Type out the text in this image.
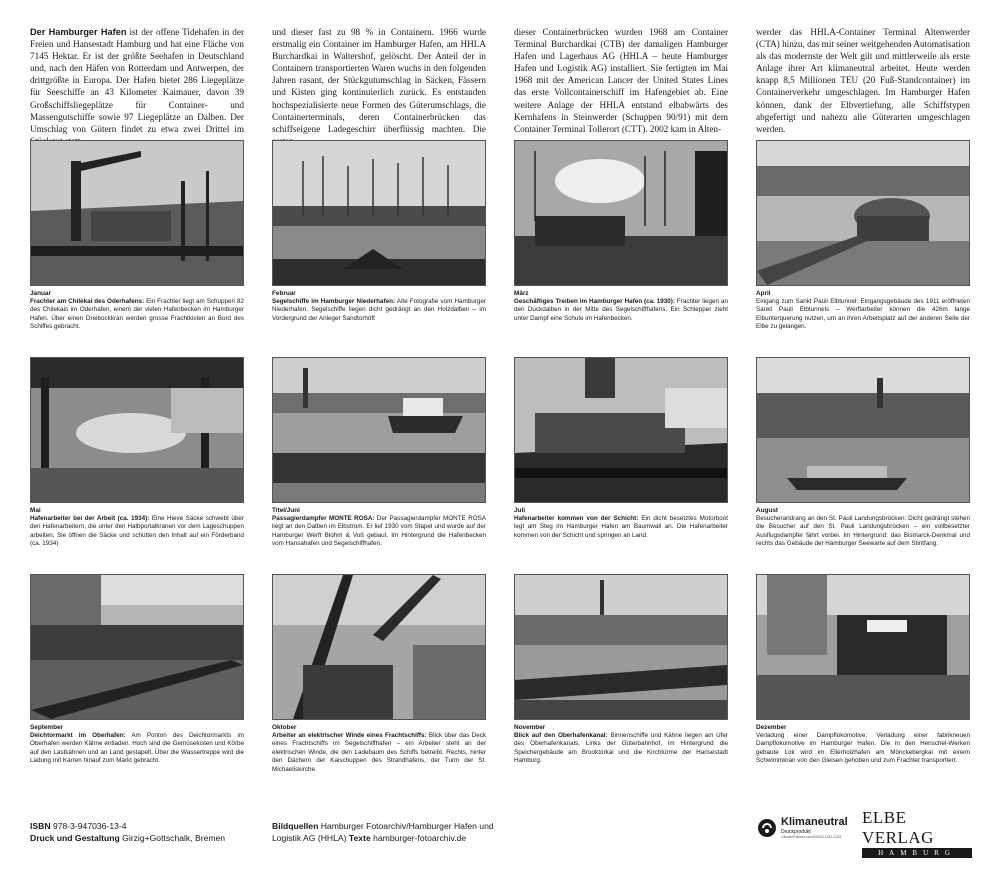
Der Hamburger Hafen ist der offene Tidehafen in der Freien und Hansestadt Hamburg und hat eine Fläche von 7145 Hektar. Er ist der größte Seehafen in Deutschland und, nach den Häfen von Rotterdam und Antwerpen, der drittgrößte in Europa. Der Hafen bietet 286 Liegeplätze für Seeschiffe an 43 Kilometer Kaimauer, davon 39 Großschiffsliegeplätze für Container- und Massengutschiffe sowie 97 Liegeplätze an Dalben. Der Umschlag von Gütern findet zu etwa zwei Drittel im
und dieser fast zu 98 % in Containern. 1966 wurde erstmalig ein Container im Hamburger Hafen, am HHLA Burchardkai in Waltershof, gelöscht. Der Anteil der in Containern transportierten Waren wuchs in den folgenden Jahren rasant, der Stückgutumschlag in Säcken, Fässern und Kisten ging kontinuierlich zurück. Es entstanden hochspezialisierte neue Formen des Güterumschlags, die Containerterminals, deren Containerbrücken das schiffseigene Ladegeschirr überflüssig machten. Die
dieser Containerbrücken wurden 1968 am Container Terminal Burchardkai (CTB) der damaligen Hamburger Hafen und Lagerhaus AG (HHLA – heute Hamburger Hafen und Logistik AG) installiert. Sie fertigten im Mai 1968 mit der American Lancer der United States Lines das erste Vollcontainerschiff im Hafengebiet ab. Eine weitere Anlage der HHLA entstand elbabwärts des Kernhafens in Steinwerder (Schuppen 90/91) mit dem Container Terminal Tollerort (CTT). 2002 kam in Alten-
werder das HHLA-Container Terminal Altenwerder (CTA) hinzu, das mit seiner weitgehenden Automatisation als das modernste der Welt gilt und mittlerweile als erste Anlage ihrer Art klimaneutral arbeitet. Heute werden knapp 8,5 Millionen TEU (20 Fuß-Standcontainer) im Containerverkehr umgeschlagen. Im Hamburger Hafen können, dank der Elbvertiefung, alle Schiffstypen abgefertigt und nahezu alle Güterarten umgeschlagen werden.
Januar
Frachter am Chilekai des Oderhafens: Ein Frachter liegt am Schuppen 82 des Chilekais im Oderhafen, einem der vielen Hafenbecken im Hamburger Hafen. Über einen Dreibockkran werden grosse Frachtkisten an Bord des Schiffes gebracht.
Februar
Segelschiffe im Hamburger Niederhafen: Alte Fotografie vom Hamburger Niederhafen. Segelschiffe liegen dicht gedrängt an den Holzdalben – im Vordergrund der Anleger Sandtorhöft
März
Geschäftiges Treiben im Hamburger Hafen (ca. 1930): Frachter liegen an den Duckdalben in der Mitte des Segelschiffhafens. Ein Schlepper zieht unter Dampf eine Schute im Hafenbecken.
April
Eingang zum Sankt Pauli Elbtunnel: Eingangsgebäude des 1911 eröffneten Sankt Pauli Elbtunnels – Werftarbeiter können die 426m lange Elbunterquerung nutzen, um an ihren Arbeitsplatz auf der anderen Seite der Elbe zu gelangen.
Mai
Hafenarbeiter bei der Arbeit (ca. 1934): Eine Hieve Säcke schwebt über den Hafenarbeitern, die unter den Halbportalkranen vor dem Lageschuppen arbeiten. Sie öffnen die Säcke und schütten den Inhalt auf ein Förderband (ca. 1934)
Titel/Juni
Passagierdampfer MONTE ROSA: Der Passagierdampfer MONTE ROSA liegt an den Dalben im Elbstrom. Er lief 1930 vom Stapel und wurde auf der Hamburger Werft Blohm & Voß gebaut. Im Hintergrund die Hafenbecken vom Hansahafen und Segelschiffhafen.
Juli
Hafenarbeiter kommen von der Schicht: Ein dicht besetztes Motorboot legt am Steg im Hamburger Hafen am Baumwall an. Die Hafenarbeiter kommen von der Schicht und springen an Land.
August
Besucherandrang an den St. Pauli Landungsbrücken: Dicht gedrängt stehen die Besucher auf den St. Pauli Landungsbrücken – ein vollbesetzter Ausflugsdampfer fährt vorbei. Im Hintergrund: das Bismarck-Denkmal und rechts das Gebäude der Hamburger Seewarte auf dem Stintfang.
September
Deichtormarkt im Oberhafen: Am Ponton des Deichtormarkts im Oberhafen werden Kähne entladen. Hoch sind die Gemüsekisten und Körbe auf den Lastkähnen und an Land gestapelt. Über die Wassertreppe wird die Ladung mit Karren hinauf zum Markt gebracht.
Oktober
Arbeiter an elektrischer Winde eines Frachtschiffs: Blick über das Deck eines Frachtschiffs im Segelschiffhafen – ein Arbeiter steht an der elektrischen Winde, die den Ladebaum des Schiffs betreibt. Rechts, hinter den Dächern der Kaischuppen des Strandhafens, der Turm der St. Michaeliskirche.
November
Blick auf den Oberhafenkanal: Binnenschiffe und Kähne liegen am Ufer des Oberhafenkanals. Links der Güterbahnhof, im Hintergrund die Speichergebäude am Brooktorkai und die Kirchtürme der Hansestadt Hamburg.
Dezember
Verladung einer Dampflokomotive: Verladung einer fabrikneuen Dampflokomotive im Hamburger Hafen. Die in den Henschel-Werken gebaute Lok wird im Ellerholzhafen am Mönckebergkai mit einem Schwimmkran von den Gleisen gehoben und zum Frachter transportiert.
ISBN 978-3-947036-13-4
Druck und Gestaltung Girzig+Gottschalk, Bremen
Bildquellen Hamburger Fotoarchiv/Hamburger Hafen und Logistik AG (HHLA) Texte hamburger-fotoarchiv.de
Klimaneutral
Druckprodukt
ClimatePartner.com/53323-1911-1001
ELBE VERLAG
HAMBURG
